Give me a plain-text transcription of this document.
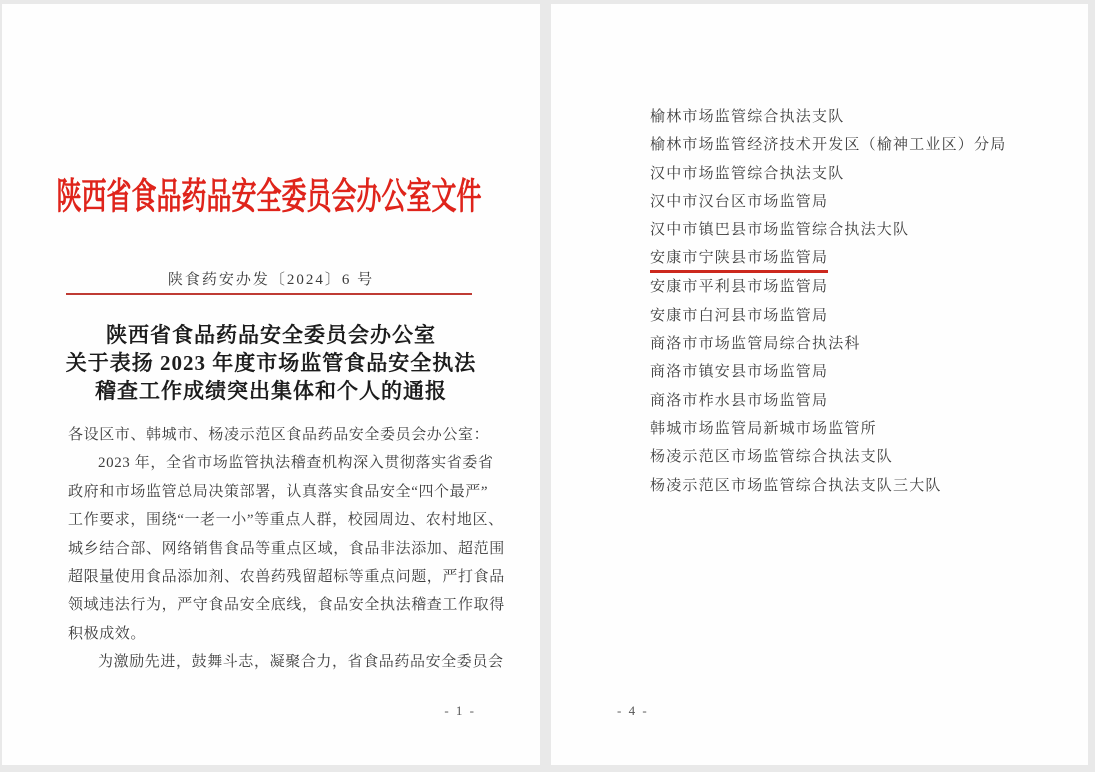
陕西省食品药品安全委员会办公室文件
陕食药安办发〔2024〕6 号
陕西省食品药品安全委员会办公室
关于表扬 2023 年度市场监管食品安全执法
稽查工作成绩突出集体和个人的通报
各设区市、韩城市、杨凌示范区食品药品安全委员会办公室：
2023 年，全省市场监管执法稽查机构深入贯彻落实省委省
政府和市场监管总局决策部署，认真落实食品安全“四个最严”
工作要求，围绕“一老一小”等重点人群，校园周边、农村地区、
城乡结合部、网络销售食品等重点区域，食品非法添加、超范围
超限量使用食品添加剂、农兽药残留超标等重点问题，严打食品
领域违法行为，严守食品安全底线，食品安全执法稽查工作取得
积极成效。
为激励先进，鼓舞斗志，凝聚合力，省食品药品安全委员会
- 1 -
榆林市场监管综合执法支队
榆林市场监管经济技术开发区（榆神工业区）分局
汉中市场监管综合执法支队
汉中市汉台区市场监管局
汉中市镇巴县市场监管综合执法大队
安康市宁陕县市场监管局
安康市平利县市场监管局
安康市白河县市场监管局
商洛市市场监管局综合执法科
商洛市镇安县市场监管局
商洛市柞水县市场监管局
韩城市场监管局新城市场监管所
杨凌示范区市场监管综合执法支队
杨凌示范区市场监管综合执法支队三大队
- 4 -
